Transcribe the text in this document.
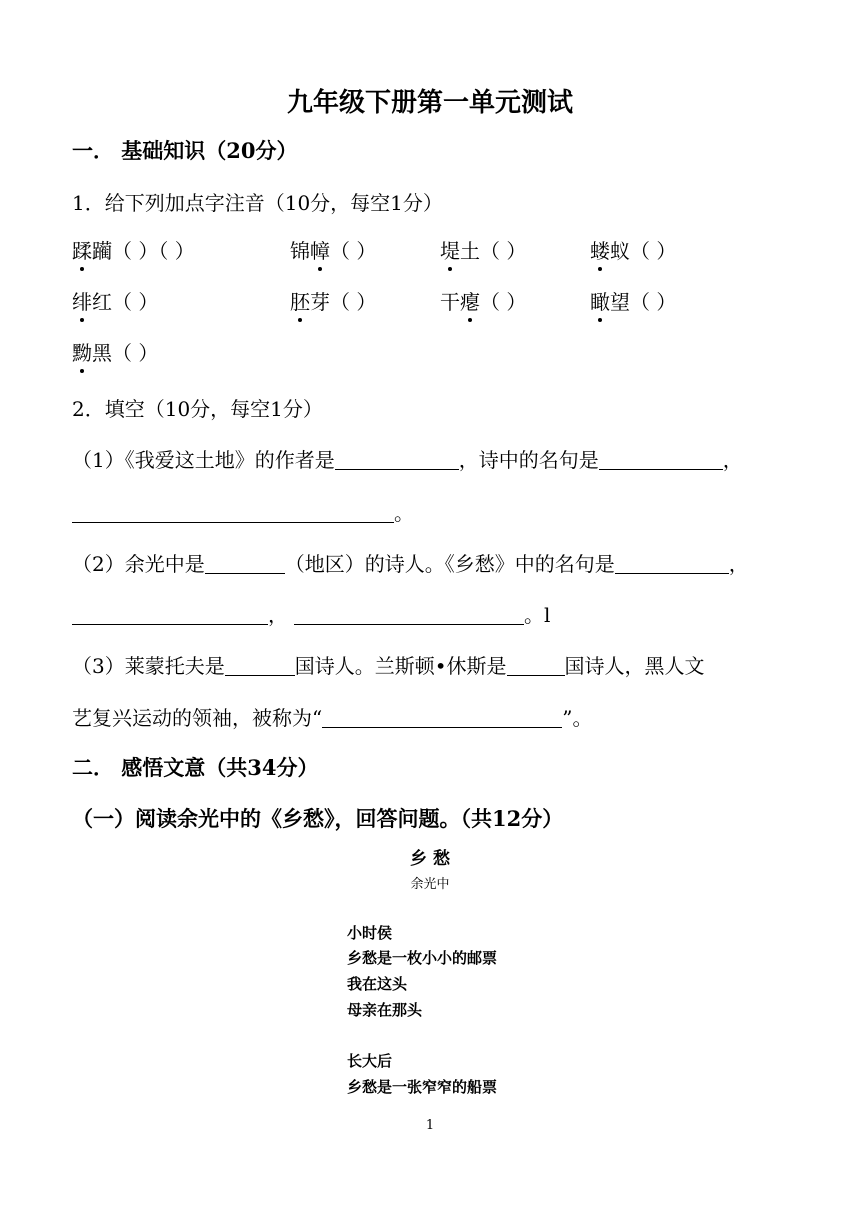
九年级下册第一单元测试
一． 基础知识（20分）
1．给下列加点字注音（10分，每空1分）
蹂躏（ ）（ ）	锦幛（ ）	堤土（ ）	蝼蚁（ ）
绯红（ ）	胚芽（ ）	干瘪（ ）	瞰望（ ）
黝黑（ ）
2．填空（10分，每空1分）
（1）《我爱这土地》的作者是	，诗中的名句是	，
。
（2）余光中是	（地区）的诗人。《乡愁》中的名句是	，
，	。l
（3）莱蒙托夫是	国诗人。兰斯顿•休斯是	国诗人，黑人文
艺复兴运动的领袖，被称为“	”。
二． 感悟文意（共34分）
（一）阅读余光中的《乡愁》，回答问题。（共12分）
乡 愁
余光中
小时侯
乡愁是一枚小小的邮票
我在这头
母亲在那头
长大后
乡愁是一张窄窄的船票
1
